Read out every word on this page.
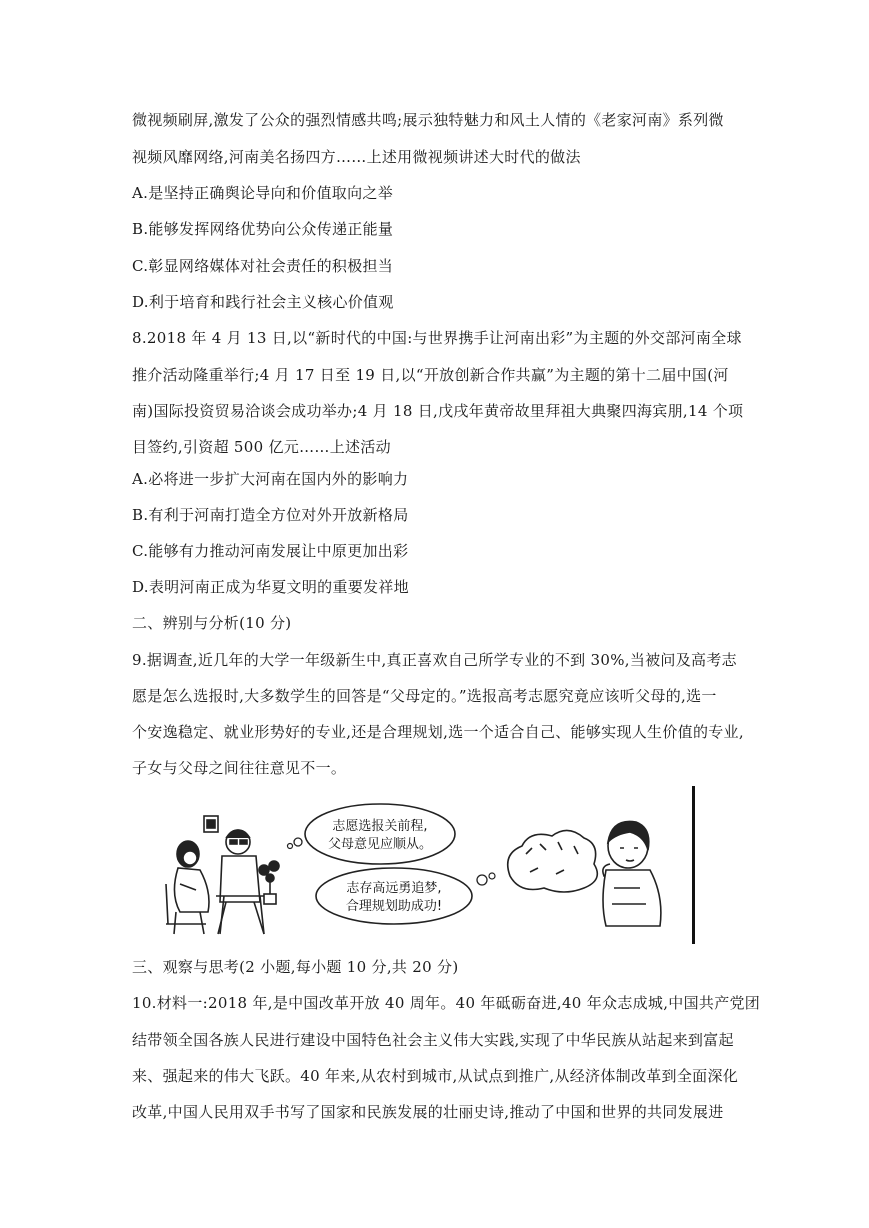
微视频刷屏,激发了公众的强烈情感共鸣;展示独特魅力和风土人情的《老家河南》系列微
视频风靡网络,河南美名扬四方……上述用微视频讲述大时代的做法
A.是坚持正确舆论导向和价值取向之举
B.能够发挥网络优势向公众传递正能量
C.彰显网络媒体对社会责任的积极担当
D.利于培育和践行社会主义核心价值观
8.2018 年 4 月 13 日,以“新时代的中国:与世界携手让河南出彩”为主题的外交部河南全球
推介活动隆重举行;4 月 17 日至 19 日,以“开放创新合作共赢”为主题的第十二届中国(河
南)国际投资贸易洽谈会成功举办;4 月 18 日,戊戌年黄帝故里拜祖大典聚四海宾朋,14 个项
目签约,引资超 500 亿元……上述活动
A.必将进一步扩大河南在国内外的影响力
B.有利于河南打造全方位对外开放新格局
C.能够有力推动河南发展让中原更加出彩
D.表明河南正成为华夏文明的重要发祥地
二、辨别与分析(10 分)
9.据调查,近几年的大学一年级新生中,真正喜欢自己所学专业的不到 30%,当被问及高考志
愿是怎么选报时,大多数学生的回答是“父母定的。”选报高考志愿究竟应该听父母的,选一
个安逸稳定、就业形势好的专业,还是合理规划,选一个适合自己、能够实现人生价值的专业,
子女与父母之间往往意见不一。
志愿选报关前程,
父母意见应顺从。
志存高远勇追梦,
合理规划助成功!
三、观察与思考(2 小题,每小题 10 分,共 20 分)
10.材料一:2018 年,是中国改革开放 40 周年。40 年砥砺奋进,40 年众志成城,中国共产党团
结带领全国各族人民进行建设中国特色社会主义伟大实践,实现了中华民族从站起来到富起
来、强起来的伟大飞跃。40 年来,从农村到城市,从试点到推广,从经济体制改革到全面深化
改革,中国人民用双手书写了国家和民族发展的壮丽史诗,推动了中国和世界的共同发展进
